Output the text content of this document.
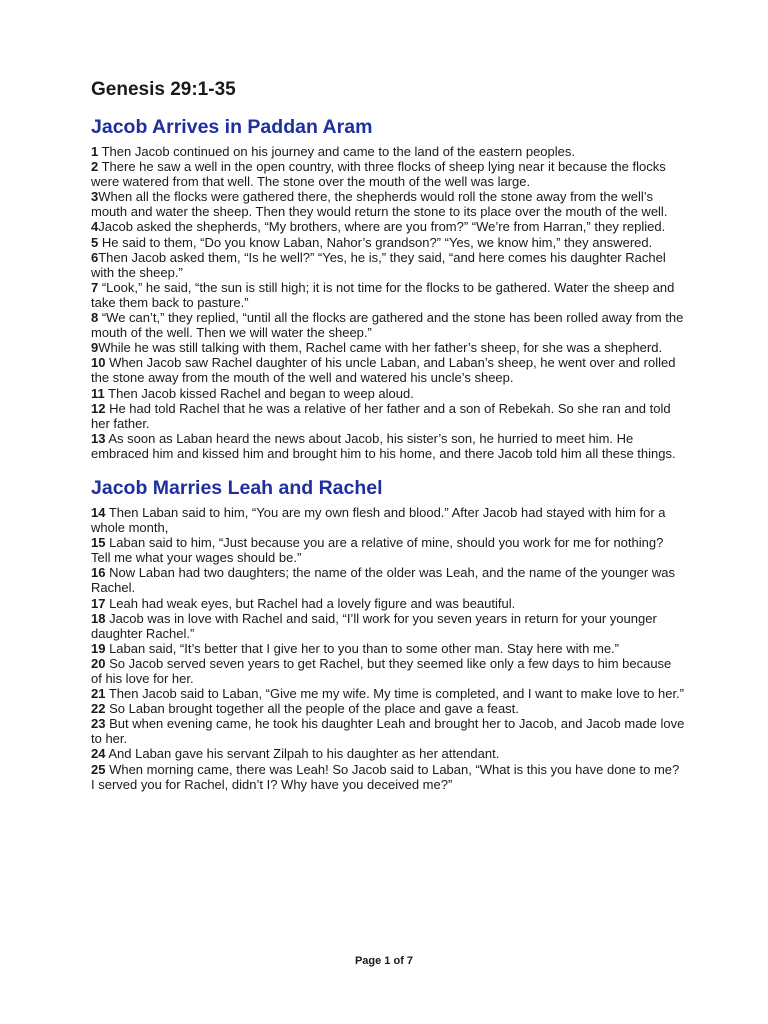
Genesis 29:1-35
Jacob Arrives in Paddan Aram

1 Then Jacob continued on his journey and came to the land of the eastern peoples.

2 There he saw a well in the open country, with three flocks of sheep lying near it because the flocks were watered from that well. The stone over the mouth of the well was large.

3When all the flocks were gathered there, the shepherds would roll the stone away from the well’s mouth and water the sheep. Then they would return the stone to its place over the mouth of the well.

4Jacob asked the shepherds, “My brothers, where are you from?” “We’re from Harran,” they replied.

5 He said to them, “Do you know Laban, Nahor’s grandson?” “Yes, we know him,” they answered.

6Then Jacob asked them, “Is he well?” “Yes, he is,” they said, “and here comes his daughter Rachel with the sheep.”

7 “Look,” he said, “the sun is still high; it is not time for the flocks to be gathered. Water the sheep and take them back to pasture.”

8 “We can’t,” they replied, “until all the flocks are gathered and the stone has been rolled away from the mouth of the well. Then we will water the sheep.”

9While he was still talking with them, Rachel came with her father’s sheep, for she was a shepherd.

10 When Jacob saw Rachel daughter of his uncle Laban, and Laban’s sheep, he went over and rolled the stone away from the mouth of the well and watered his uncle’s sheep.

11 Then Jacob kissed Rachel and began to weep aloud.

12 He had told Rachel that he was a relative of her father and a son of Rebekah. So she ran and told her father.

13 As soon as Laban heard the news about Jacob, his sister’s son, he hurried to meet him. He embraced him and kissed him and brought him to his home, and there Jacob told him all these things.

Jacob Marries Leah and Rachel

14 Then Laban said to him, “You are my own flesh and blood.” After Jacob had stayed with him for a whole month,

15 Laban said to him, “Just because you are a relative of mine, should you work for me for nothing? Tell me what your wages should be.”

16 Now Laban had two daughters; the name of the older was Leah, and the name of the younger was Rachel.

17 Leah had weak eyes, but Rachel had a lovely figure and was beautiful.

18 Jacob was in love with Rachel and said, “I’ll work for you seven years in return for your younger daughter Rachel.”

19 Laban said, “It’s better that I give her to you than to some other man. Stay here with me.”

20 So Jacob served seven years to get Rachel, but they seemed like only a few days to him because of his love for her.

21 Then Jacob said to Laban, “Give me my wife. My time is completed, and I want to make love to her.”

22 So Laban brought together all the people of the place and gave a feast.

23 But when evening came, he took his daughter Leah and brought her to Jacob, and Jacob made love to her.

24 And Laban gave his servant Zilpah to his daughter as her attendant.

25 When morning came, there was Leah! So Jacob said to Laban, “What is this you have done to me? I served you for Rachel, didn’t I? Why have you deceived me?”

Page 1 of 7
